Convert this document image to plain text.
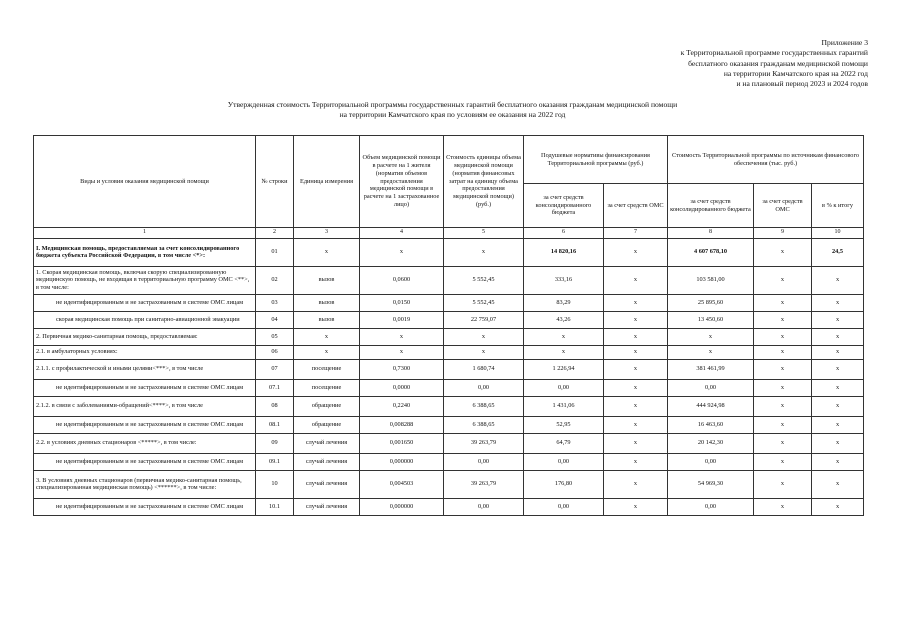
Приложение 3
к Территориальной программе государственных гарантий
бесплатного оказания гражданам медицинской помощи
на территории Камчатского края на 2022 год
и на плановый период 2023 и 2024 годов
Утвержденная стоимость Территориальной программы государственных гарантий бесплатного оказания гражданам медицинской помощи
на территории Камчатского края по условиям ее оказания на 2022 год
Виды и условия оказания медицинской помощи	№ строки	Единица измерения	Объем медицинской помощи в расчете на 1 жителя (норматив объемов предоставления медицинской помощи в расчете на 1 застрахованное лицо)	Стоимость единицы объема медицинской помощи (норматив финансовых затрат на единицу объема предоставления медицинской помощи) (руб.)	Подушевые нормативы финансирования Территориальной программы (руб.)		Стоимость Территориальной программы по источникам финансового обеспечения (тыс. руб.)		
					за счет средств консолидированного бюджета	за счет средств ОМС	за счет средств консолидированного бюджета	за счет средств ОМС	в % к итогу
1	2	3	4	5	6	7	8	9	10
I. Медицинская помощь, предоставляемая за счет консолидированного бюджета субъекта Российской Федерации, в том числе <*>:	01	х	х	х	14 820,16	х	4 607 678,10	х	24,5
1. Скорая медицинская помощь, включая скорую специализированную медицинскую помощь, не входящая в территориальную программу ОМС <**>, в том числе:	02	вызов	0,0600	5 552,45	333,16	х	103 581,00	х	х
не идентифицированным и не застрахованным в системе ОМС лицам	03	вызов	0,0150	5 552,45	83,29	х	25 895,60	х	х
скорая медицинская помощь при санитарно-авиационной эвакуации	04	вызов	0,0019	22 759,07	43,26	х	13 450,60	х	х
2. Первичная медико-санитарная помощь, предоставляемая:	05	х	х	х	х	х	х	х	х
2.1. в амбулаторных условиях:	06	х	х	х	х	х	х	х	х
2.1.1. с профилактической и иными целями<***>, в том числе	07	посещение	0,7300	1 680,74	1 226,94	х	381 461,99	х	х
не идентифицированным и не застрахованным в системе ОМС лицам	07.1	посещение	0,0000	0,00	0,00	х	0,00	х	х
2.1.2. в связи с заболеваниями-обращений<****>, в том числе	08	обращение	0,2240	6 388,65	1 431,06	х	444 924,98	х	х
не идентифицированным и не застрахованным в системе ОМС лицам	08.1	обращение	0,008288	6 388,65	52,95	х	16 463,60	х	х
2.2. в условиях дневных стационаров <*****>, в том числе:	09	случай лечения	0,001650	39 263,79	64,79	х	20 142,30	х	х
не идентифицированным и не застрахованным в системе ОМС лицам	09.1	случай лечения	0,000000	0,00	0,00	х	0,00	х	х
3. В условиях дневных стационаров (первичная медико-санитарная помощь, специализированная медицинская помощь) <******>, в том числе:	10	случай лечения	0,004503	39 263,79	176,80	х	54 969,30	х	х
не идентифицированным и не застрахованным в системе ОМС лицам	10.1	случай лечения	0,000000	0,00	0,00	х	0,00	х	х
